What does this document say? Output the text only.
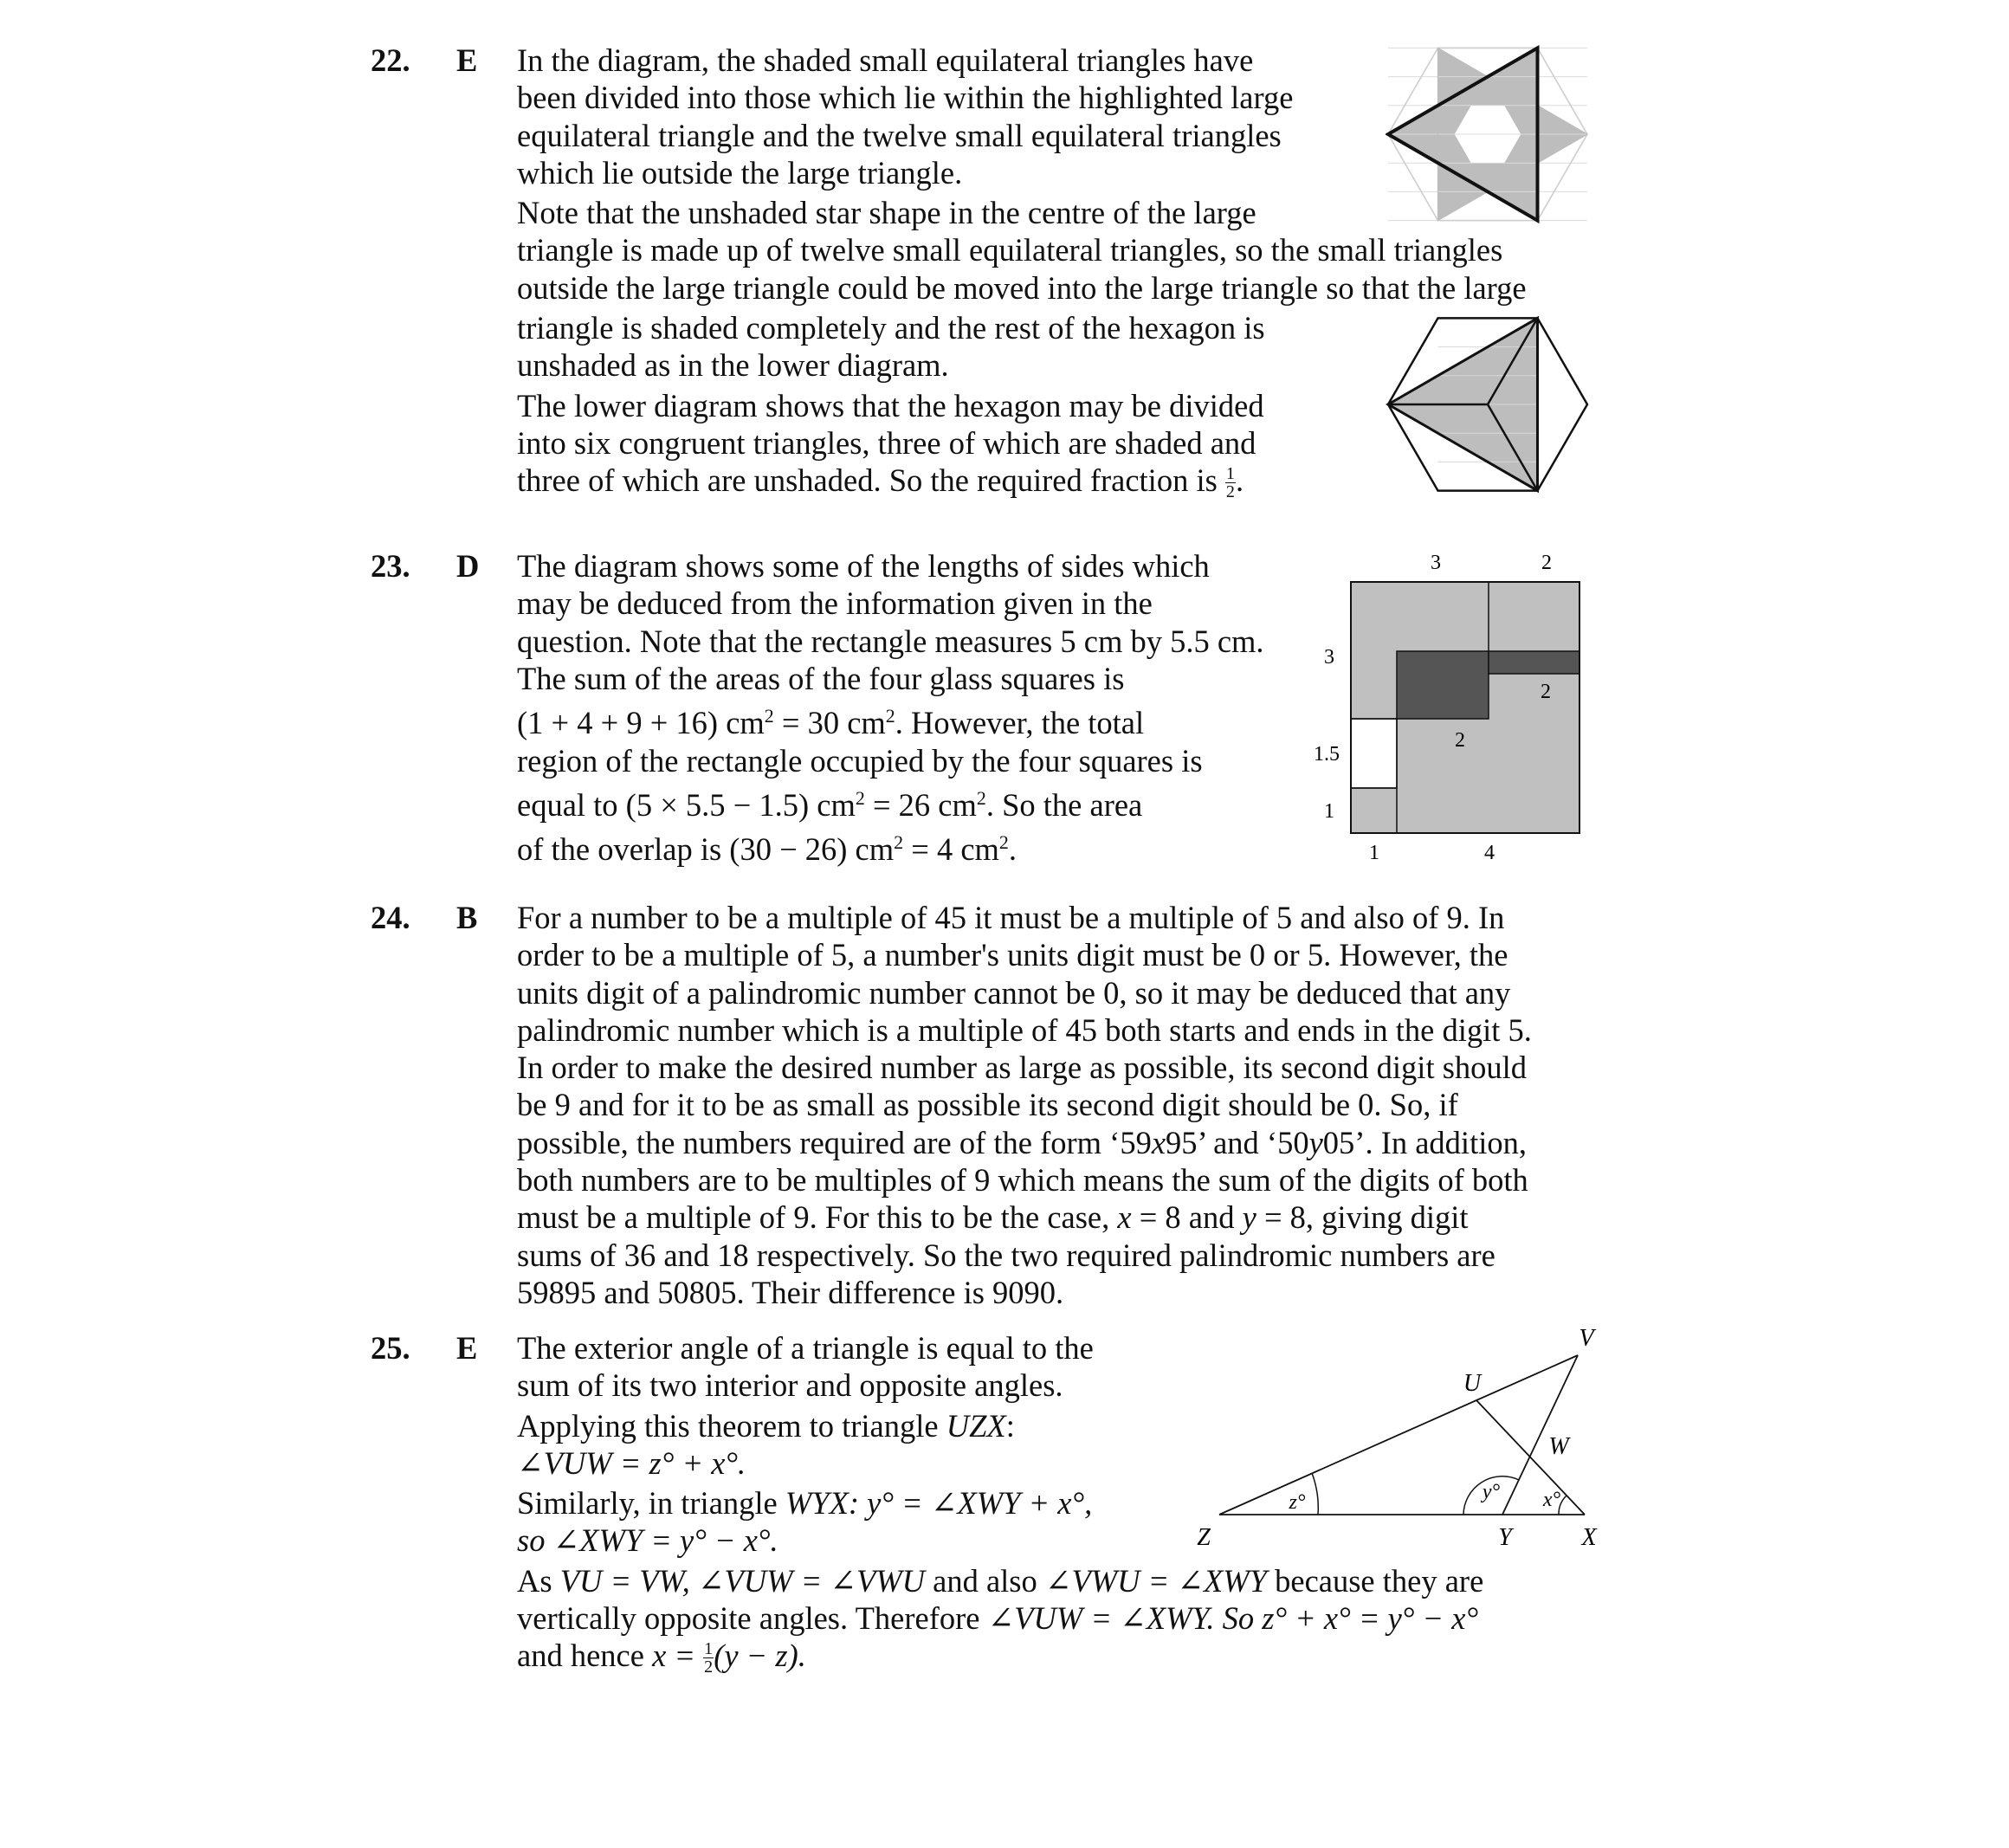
22. E In the diagram, the shaded small equilateral triangles have
been divided into those which lie within the highlighted large
equilateral triangle and the twelve small equilateral triangles
which lie outside the large triangle.
Note that the unshaded star shape in the centre of the large
triangle is made up of twelve small equilateral triangles, so the small triangles
outside the large triangle could be moved into the large triangle so that the large
triangle is shaded completely and the rest of the hexagon is
unshaded as in the lower diagram.
The lower diagram shows that the hexagon may be divided
into six congruent triangles, three of which are shaded and
three of which are unshaded. So the required fraction is $\frac{1}{2}$ .
23. D The diagram shows some of the lengths of sides which
may be deduced from the information given in the
question. Note that the rectangle measures 5 cm by 5.5 cm.
The sum of the areas of the four glass squares is
(1 + 4 + 9 + 16) $cm^2 = 30$ $cm^2$. However, the total
region of the rectangle occupied by the four squares is
equal to (5 × 5.5 − 1.5) $cm^2 = 26$ $cm^2$. So the area
of the overlap is (30 − 26) $cm^2 = 4$ $cm^2$.
3	2
3
1.5
1
1	4
2
2
24. B For a number to be a multiple of 45 it must be a multiple of 5 and also of 9. In
order to be a multiple of 5, a number's units digit must be 0 or 5. However, the
units digit of a palindromic number cannot be 0, so it may be deduced that any
palindromic number which is a multiple of 45 both starts and ends in the digit 5.
In order to make the desired number as large as possible, its second digit should
be 9 and for it to be as small as possible its second digit should be 0. So, if
possible, the numbers required are of the form ‘59x95’ and ‘50y05’. In addition,
both numbers are to be multiples of 9 which means the sum of the digits of both
must be a multiple of 9. For this to be the case, x = 8 and y = 8, giving digit
sums of 36 and 18 respectively. So the two required palindromic numbers are
59895 and 50805. Their difference is 9090.
25. E The exterior angle of a triangle is equal to the
sum of its two interior and opposite angles.
Applying this theorem to triangle UZX:
∠VUW = z° + x°.
Similarly, in triangle WYX: y° = ∠XWY + x°,
so ∠XWY = y° − x°.
As VU = VW, ∠VUW = ∠VWU and also ∠VWU = ∠XWY because they are
vertically opposite angles. Therefore ∠VUW = ∠XWY. So z° + x° = y° − x°
and hence $x = \frac{1}{2} (y - z)$.
V
U
W
Z	Y	X
z°	y° x°
